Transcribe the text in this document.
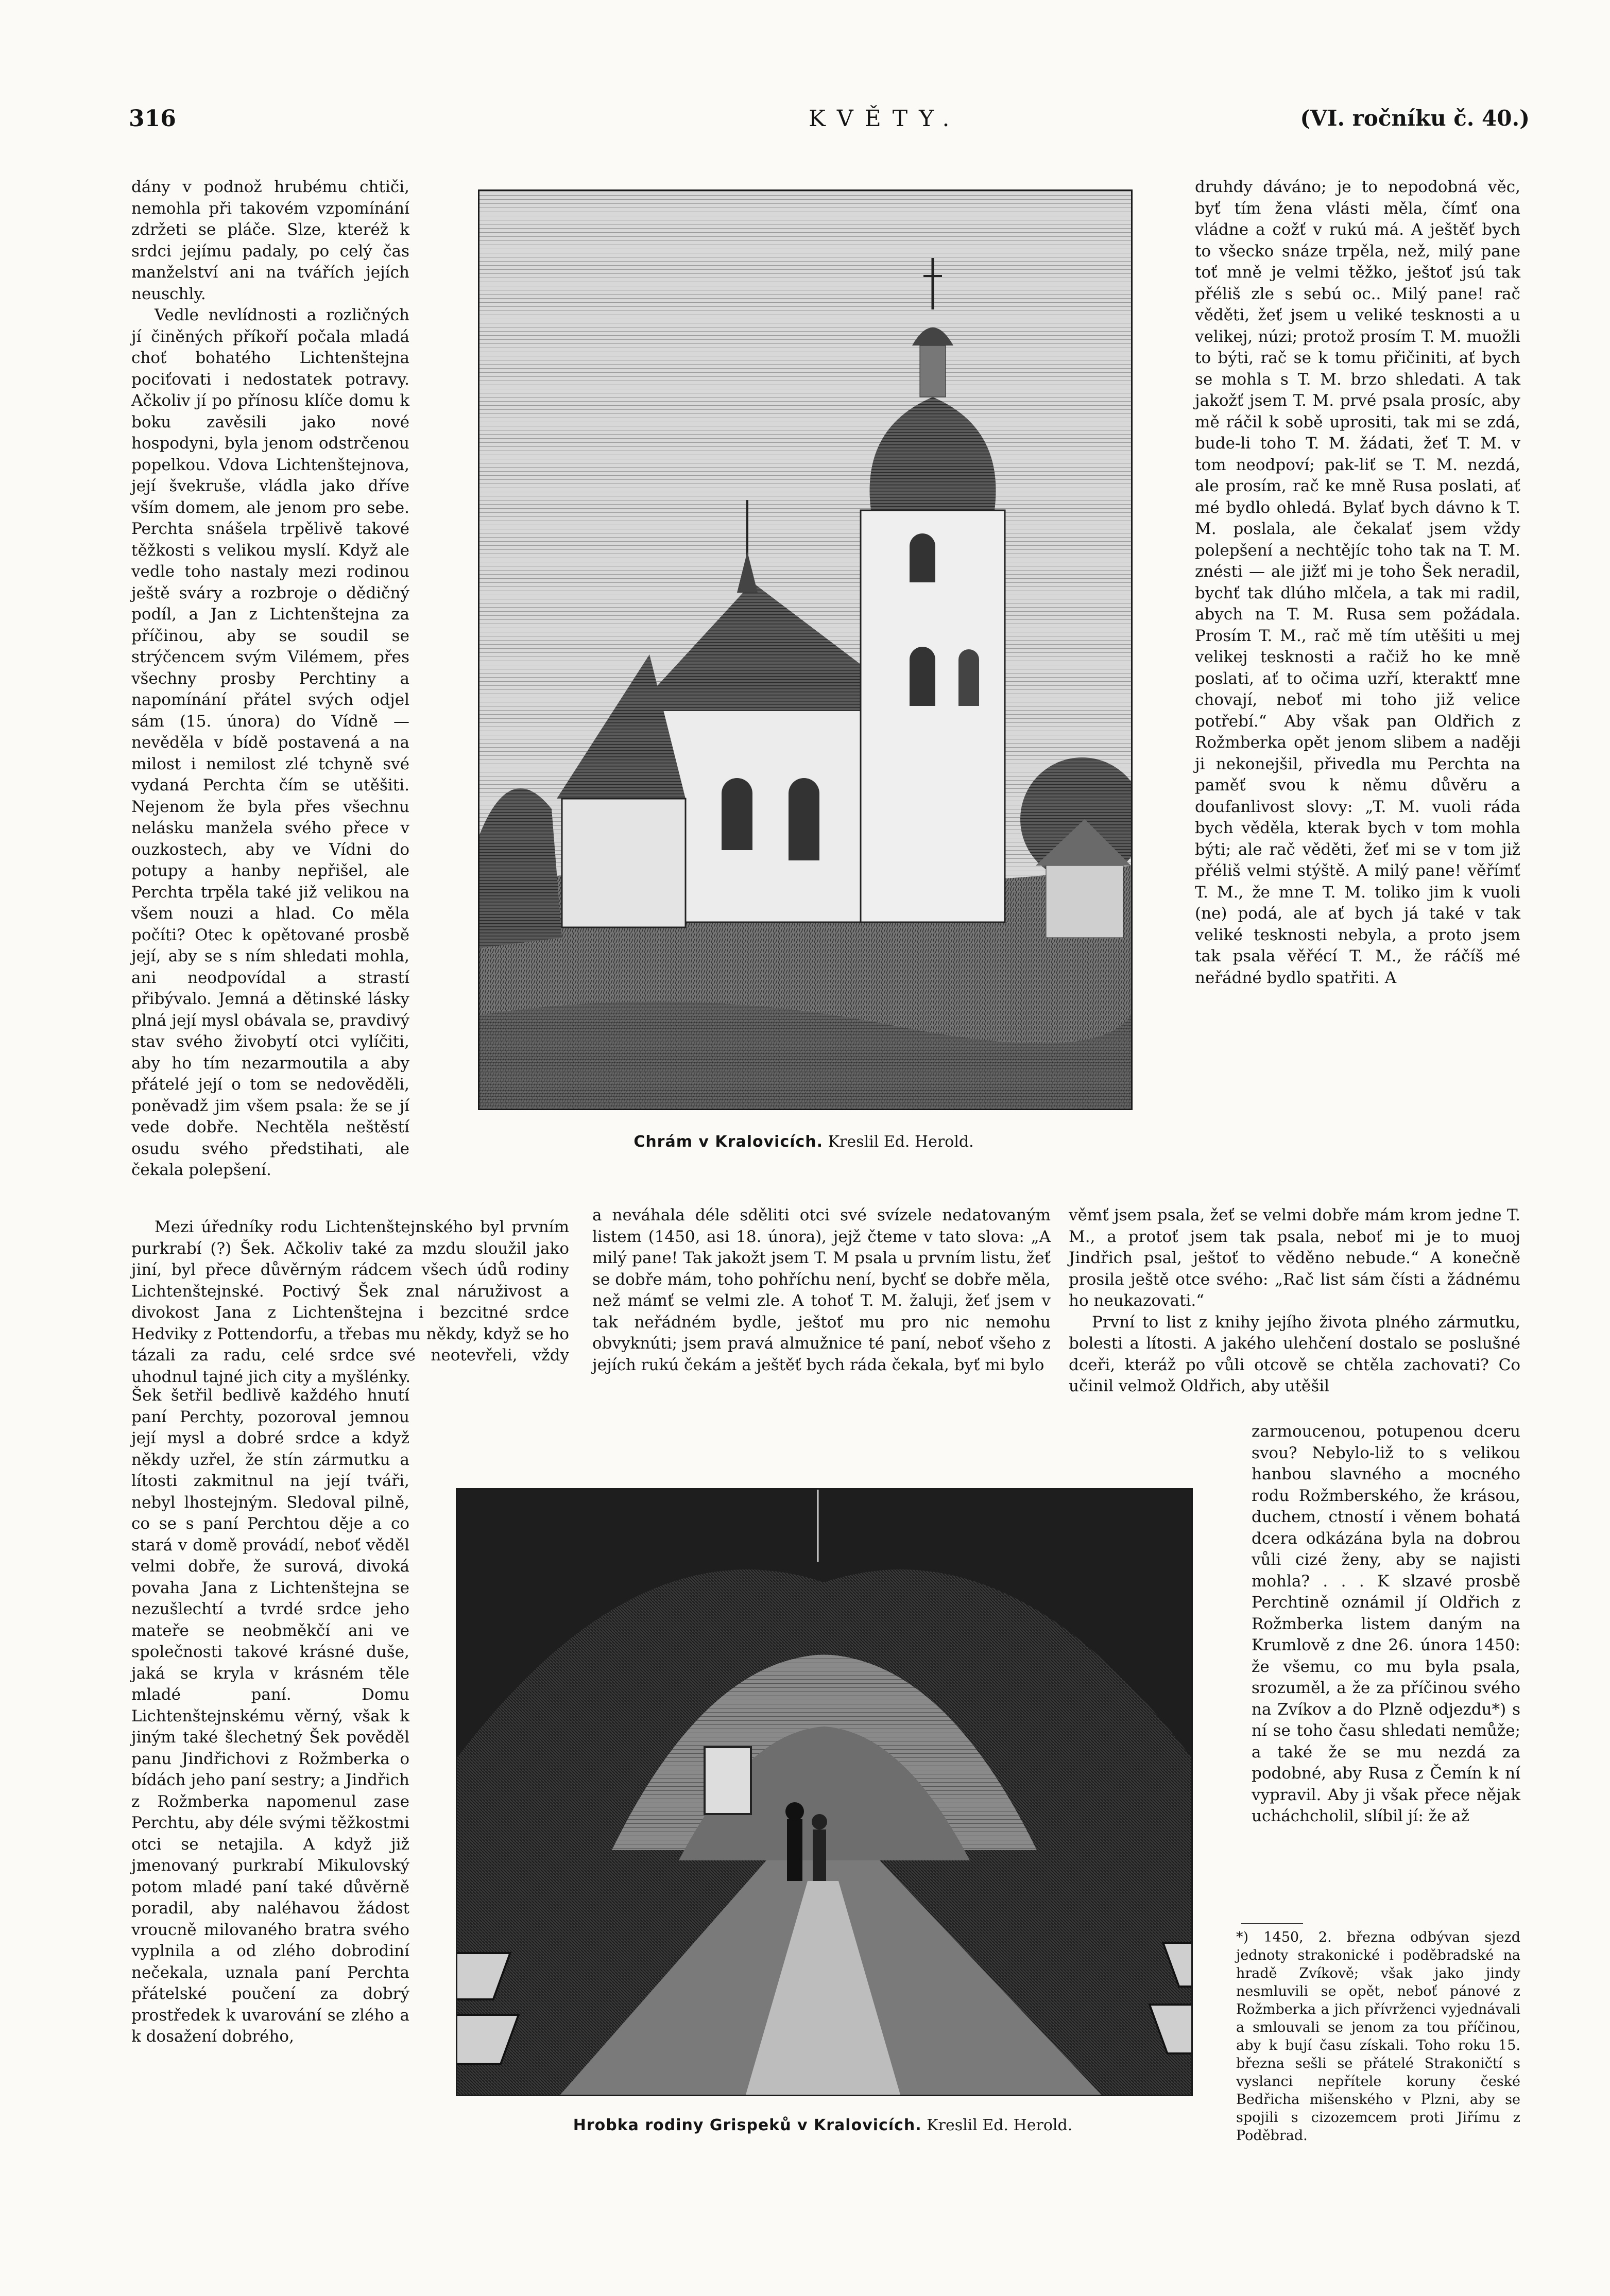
316	KVĚTY.	(VI. ročníku č. 40.)

dány v podnož hrubému chtiči, nemohla při takovém vzpomínání zdržeti se pláče. Slze, kteréž k srdci jejímu padaly, po celý čas manželství ani na tvářích jejích neuschly.

Vedle nevlídnosti a rozličných jí činěných příkoří počala mladá choť bohatého Lichtenštejna pociťovati i nedostatek potravy. Ačkoliv jí po přínosu klíče domu k boku zavěsili jako nové hospodyni, byla jenom odstrčenou popelkou. Vdova Lichtenštejnova, její švekruše, vládla jako dříve vším domem, ale jenom pro sebe. Perchta snášela trpělivě takové těžkosti s velikou myslí. Když ale vedle toho nastaly mezi rodinou ještě sváry a rozbroje o dědičný podíl, a Jan z Lichtenštejna za příčinou, aby se soudil se strýčencem svým Vilémem, přes všechny prosby Perchtiny a napomínání přátel svých odjel sám (15. února) do Vídně — nevěděla v bídě postavená a na milost i nemilost zlé tchyně své vydaná Perchta čím se utěšiti. Nejenom že byla přes všechnu nelásku manžela svého přece v ouzkostech, aby ve Vídni do potupy a hanby nepřišel, ale Perchta trpěla také již velikou na všem nouzi a hlad. Co měla počíti? Otec k opětované prosbě její, aby se s ním shledati mohla, ani neodpovídal a strastí přibývalo. Jemná a dětinské lásky plná její mysl obávala se, pravdivý stav svého živobytí otci vylíčiti, aby ho tím nezarmoutila a aby přátelé její o tom se nedověděli, poněvadž jim všem psala: že se jí vede dobře. Nechtěla neštěstí osudu svého předstihati, ale čekala polepšení.

Chrám v Kralovicích. Kreslil Ed. Herold.

druhdy dáváno; je to nepodobná věc, byť tím žena vlásti měla, čímť ona vládne a cožť v rukú má. A ještěť bych to všecko snáze trpěla, než, milý pane toť mně je velmi těžko, ještoť jsú tak přéliš zle s sebú oc.. Milý pane! rač věděti, žeť jsem u veliké tesknosti a u velikej, núzi; protož prosím T. M. muožli to býti, rač se k tomu přičiniti, ať bych se mohla s T. M. brzo shledati. A tak jakožť jsem T. M. prvé psala prosíc, aby mě ráčil k sobě uprositi, tak mi se zdá, bude-li toho T. M. žádati, žeť T. M. v tom neodpoví; pak-liť se T. M. nezdá, ale prosím, rač ke mně Rusa poslati, ať mé bydlo ohledá. Bylať bych dávno k T. M. poslala, ale čekalať jsem vždy polepšení a nechtějíc toho tak na T. M. znésti — ale jižť mi je toho Šek neradil, bychť tak dlúho mlčela, a tak mi radil, abych na T. M. Rusa sem požádala. Prosím T. M., rač mě tím utěšiti u mej velikej tesknosti a račiž ho ke mně poslati, ať to očima uzří, kteraktť mne chovají, neboť mi toho již velice potřebí.“ Aby však pan Oldřich z Rožmberka opět jenom slibem a naději ji nekonejšil, přivedla mu Perchta na paměť svou k němu důvěru a doufanlivost slovy: „T. M. vuoli ráda bych věděla, kterak bych v tom mohla býti; ale rač věděti, žeť mi se v tom již přéliš velmi stýště. A milý pane! věřímť T. M., že mne T. M. toliko jim k vuoli (ne) podá, ale ať bych já také v tak veliké tesknosti nebyla, a proto jsem tak psala věřécí T. M., že ráčíš mé neřádné bydlo spatřiti. A

Mezi úředníky rodu Lichtenštejnského byl prvním purkrabí (?) Šek. Ačkoliv také za mzdu sloužil jako jiní, byl přece důvěrným rádcem všech údů rodiny Lichtenštejnské. Poctivý Šek znal náruživost a divokost Jana z Lichtenštejna i bezcitné srdce Hedviky z Pottendorfu, a třebas mu někdy, když se ho tázali za radu, celé srdce své neotevřeli, vždy uhodnul tajné jich city a myšlénky.

a neváhala déle sděliti otci své svízele nedatovaným listem (1450, asi 18. února), jejž čteme v tato slova: „A milý pane! Tak jakožt jsem T. M psala u prvním listu, žeť se dobře mám, toho pohříchu není, bychť se dobře měla, než mámť se velmi zle. A tohoť T. M. žaluji, žeť jsem v tak neřádném bydle, ještoť mu pro nic nemohu obvyknúti; jsem pravá almužnice té paní, neboť všeho z jejích rukú čekám a ještěť bych ráda čekala, byť mi bylo

věmť jsem psala, žeť se velmi dobře mám krom jedne T. M., a protoť jsem tak psala, neboť mi je to muoj Jindřich psal, ještoť to věděno nebude.“ A konečně prosila ještě otce svého: „Rač list sám čísti a žádnému ho neukazovati.“

První to list z knihy jejího života plného zármutku, bolesti a lítosti. A jakého ulehčení dostalo se poslušné dceři, kteráž po vůli otcově se chtěla zachovati? Co učinil velmož Oldřich, aby utěšil

Šek šetřil bedlivě každého hnutí paní Perchty, pozoroval jemnou její mysl a dobré srdce a když někdy uzřel, že stín zármutku a lítosti zakmitnul na její tváři, nebyl lhostejným. Sledoval pilně, co se s paní Perchtou děje a co stará v domě provádí, neboť věděl velmi dobře, že surová, divoká povaha Jana z Lichtenštejna se nezušlechtí a tvrdé srdce jeho mateře se neobměkčí ani ve společnosti takové krásné duše, jaká se kryla v krásném těle mladé paní. Domu Lichtenštejnskému věrný, však k jiným také šlechetný Šek pověděl panu Jindřichovi z Rožmberka o bídách jeho paní sestry; a Jindřich z Rožmberka napomenul zase Perchtu, aby déle svými těžkostmi otci se netajila. A když již jmenovaný purkrabí Mikulovský potom mladé paní také důvěrně poradil, aby naléhavou žádost vroucně milovaného bratra svého vyplnila a od zlého dobrodiní nečekala, uznala paní Perchta přátelské poučení za dobrý prostředek k uvarování se zlého a k dosažení dobrého,

Hrobka rodiny Grispeků v Kralovicích. Kreslil Ed. Herold.

zarmoucenou, potupenou dceru svou? Nebylo-liž to s velikou hanbou slavného a mocného rodu Rožmberského, že krásou, duchem, ctností i věnem bohatá dcera odkázána byla na dobrou vůli cizé ženy, aby se najisti mohla? . . . K slzavé prosbě Perchtině oznámil jí Oldřich z Rožmberka listem daným na Krumlově z dne 26. února 1450: že všemu, co mu byla psala, srozuměl, a že za příčinou svého na Zvíkov a do Plzně odjezdu*) s ní se toho času shledati nemůže; a také že se mu nezdá za podobné, aby Rusa z Čemín k ní vypravil. Aby ji však přece nějak ucháchcholil, slíbil jí: že až

*) 1450, 2. března odbývan sjezd jednoty strakonické i poděbradské na hradě Zvíkově; však jako jindy nesmluvili se opět, neboť pánové z Rožmberka a jich přívrženci vyjednávali a smlouvali se jenom za tou příčinou, aby k bují času získali. Toho roku 15. března sešli se přátelé Strakoničtí s vyslanci nepřítele koruny české Bedřicha mišenského v Plzni, aby se spojili s cizozemcem proti Jiřímu z Poděbrad.
